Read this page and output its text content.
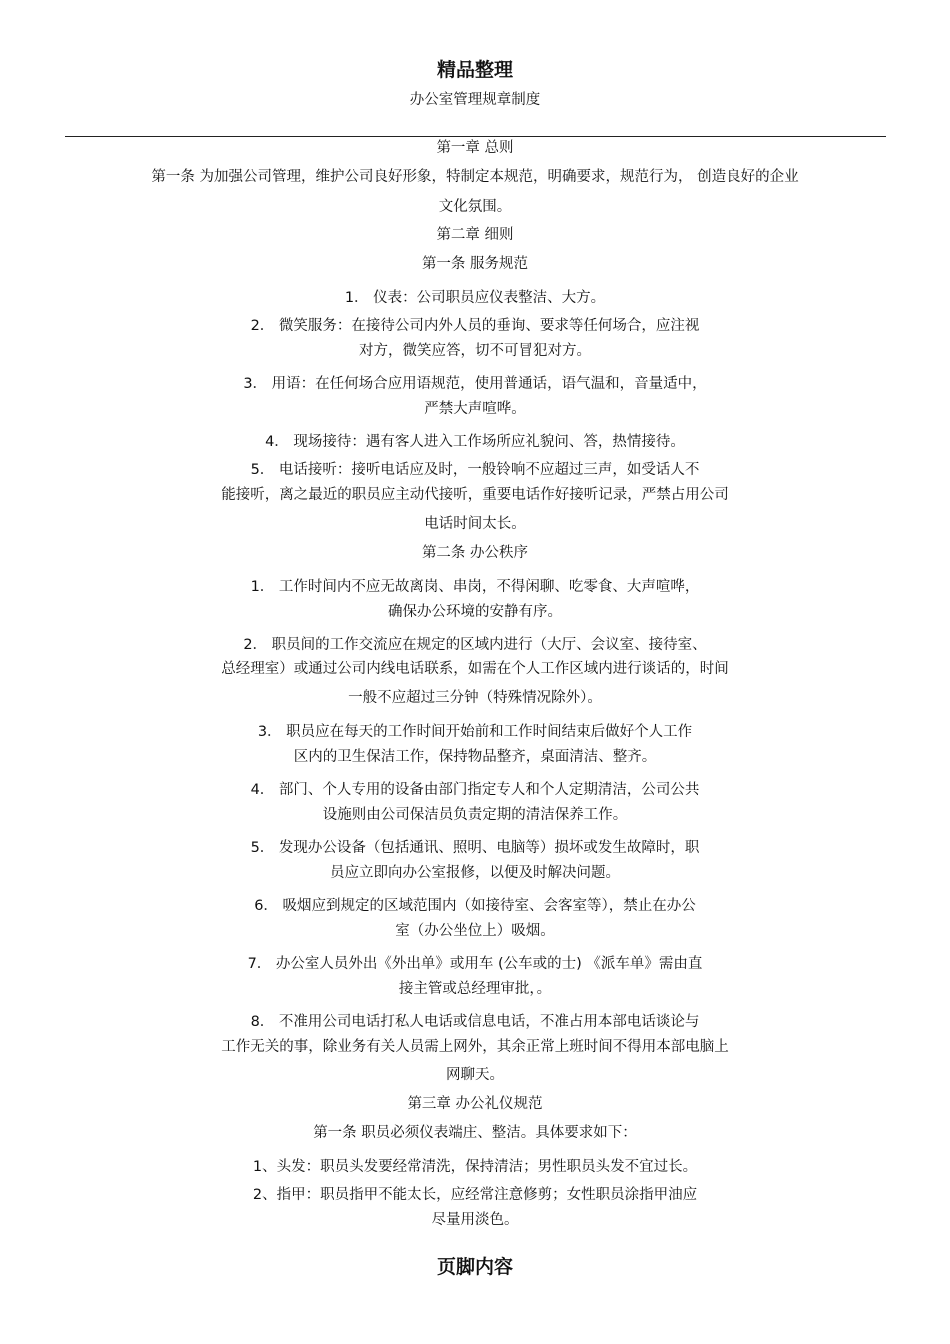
精品整理
办公室管理规章制度
第一章 总则
第一条 为加强公司管理，维护公司良好形象，特制定本规范，明确要求，规范行为， 创造良好的企业
文化氛围。
第二章 细则
第一条 服务规范
1． 仪表：公司职员应仪表整洁、大方。
2． 微笑服务：在接待公司内外人员的垂询、要求等任何场合，应注视
对方，微笑应答，切不可冒犯对方。
3． 用语：在任何场合应用语规范，使用普通话，语气温和，音量适中，
严禁大声喧哗。
4． 现场接待：遇有客人进入工作场所应礼貌问、答，热情接待。
5． 电话接听：接听电话应及时，一般铃响不应超过三声，如受话人不
能接听，离之最近的职员应主动代接听，重要电话作好接听记录，严禁占用公司
电话时间太长。
第二条 办公秩序
1． 工作时间内不应无故离岗、串岗，不得闲聊、吃零食、大声喧哗，
确保办公环境的安静有序。
2． 职员间的工作交流应在规定的区域内进行（大厅、会议室、接待室、
总经理室）或通过公司内线电话联系，如需在个人工作区域内进行谈话的，时间
一般不应超过三分钟（特殊情况除外）。
3． 职员应在每天的工作时间开始前和工作时间结束后做好个人工作
区内的卫生保洁工作，保持物品整齐，桌面清洁、整齐。
4． 部门、个人专用的设备由部门指定专人和个人定期清洁，公司公共
设施则由公司保洁员负责定期的清洁保养工作。
5． 发现办公设备（包括通讯、照明、电脑等）损坏或发生故障时，职
员应立即向办公室报修，以便及时解决问题。
6． 吸烟应到规定的区域范围内（如接待室、会客室等），禁止在办公
室（办公坐位上）吸烟。
7． 办公室人员外出《外出单》或用车 (公车或的士) 《派车单》需由直
接主管或总经理审批，。
8． 不准用公司电话打私人电话或信息电话，不准占用本部电话谈论与
工作无关的事，除业务有关人员需上网外，其余正常上班时间不得用本部电脑上
网聊天。
第三章 办公礼仪规范
第一条 职员必须仪表端庄、整洁。具体要求如下：
1、头发：职员头发要经常清洗，保持清洁；男性职员头发不宜过长。
2、指甲：职员指甲不能太长，应经常注意修剪；女性职员涂指甲油应
尽量用淡色。
页脚内容
